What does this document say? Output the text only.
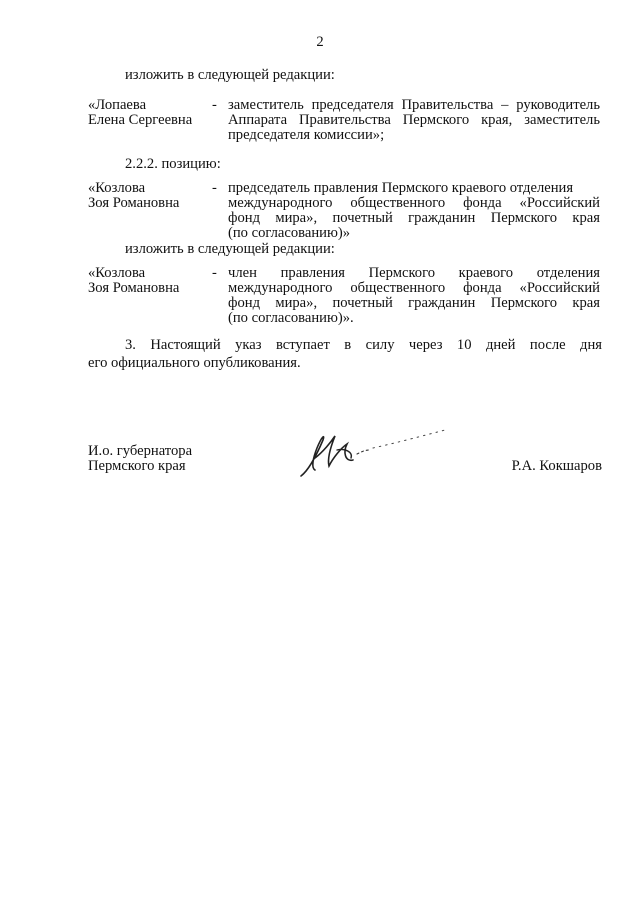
2
изложить в следующей редакции:
«Лопаева
Елена Сергеевна
- заместитель председателя Правительства – руководитель
Аппарата Правительства Пермского края, заместитель
председателя комиссии»;
2.2.2. позицию:
«Козлова
Зоя Романовна
- председатель правления Пермского краевого отделения
международного общественного фонда «Российский
фонд мира», почетный гражданин Пермского края
(по согласованию)»
изложить в следующей редакции:
«Козлова
Зоя Романовна
- член правления Пермского краевого отделения
международного общественного фонда «Российский
фонд мира», почетный гражданин Пермского края
(по согласованию)».
3. Настоящий указ вступает в силу через 10 дней после дня
его официального опубликования.
И.о. губернатора
Пермского края	Р.А. Кокшаров
